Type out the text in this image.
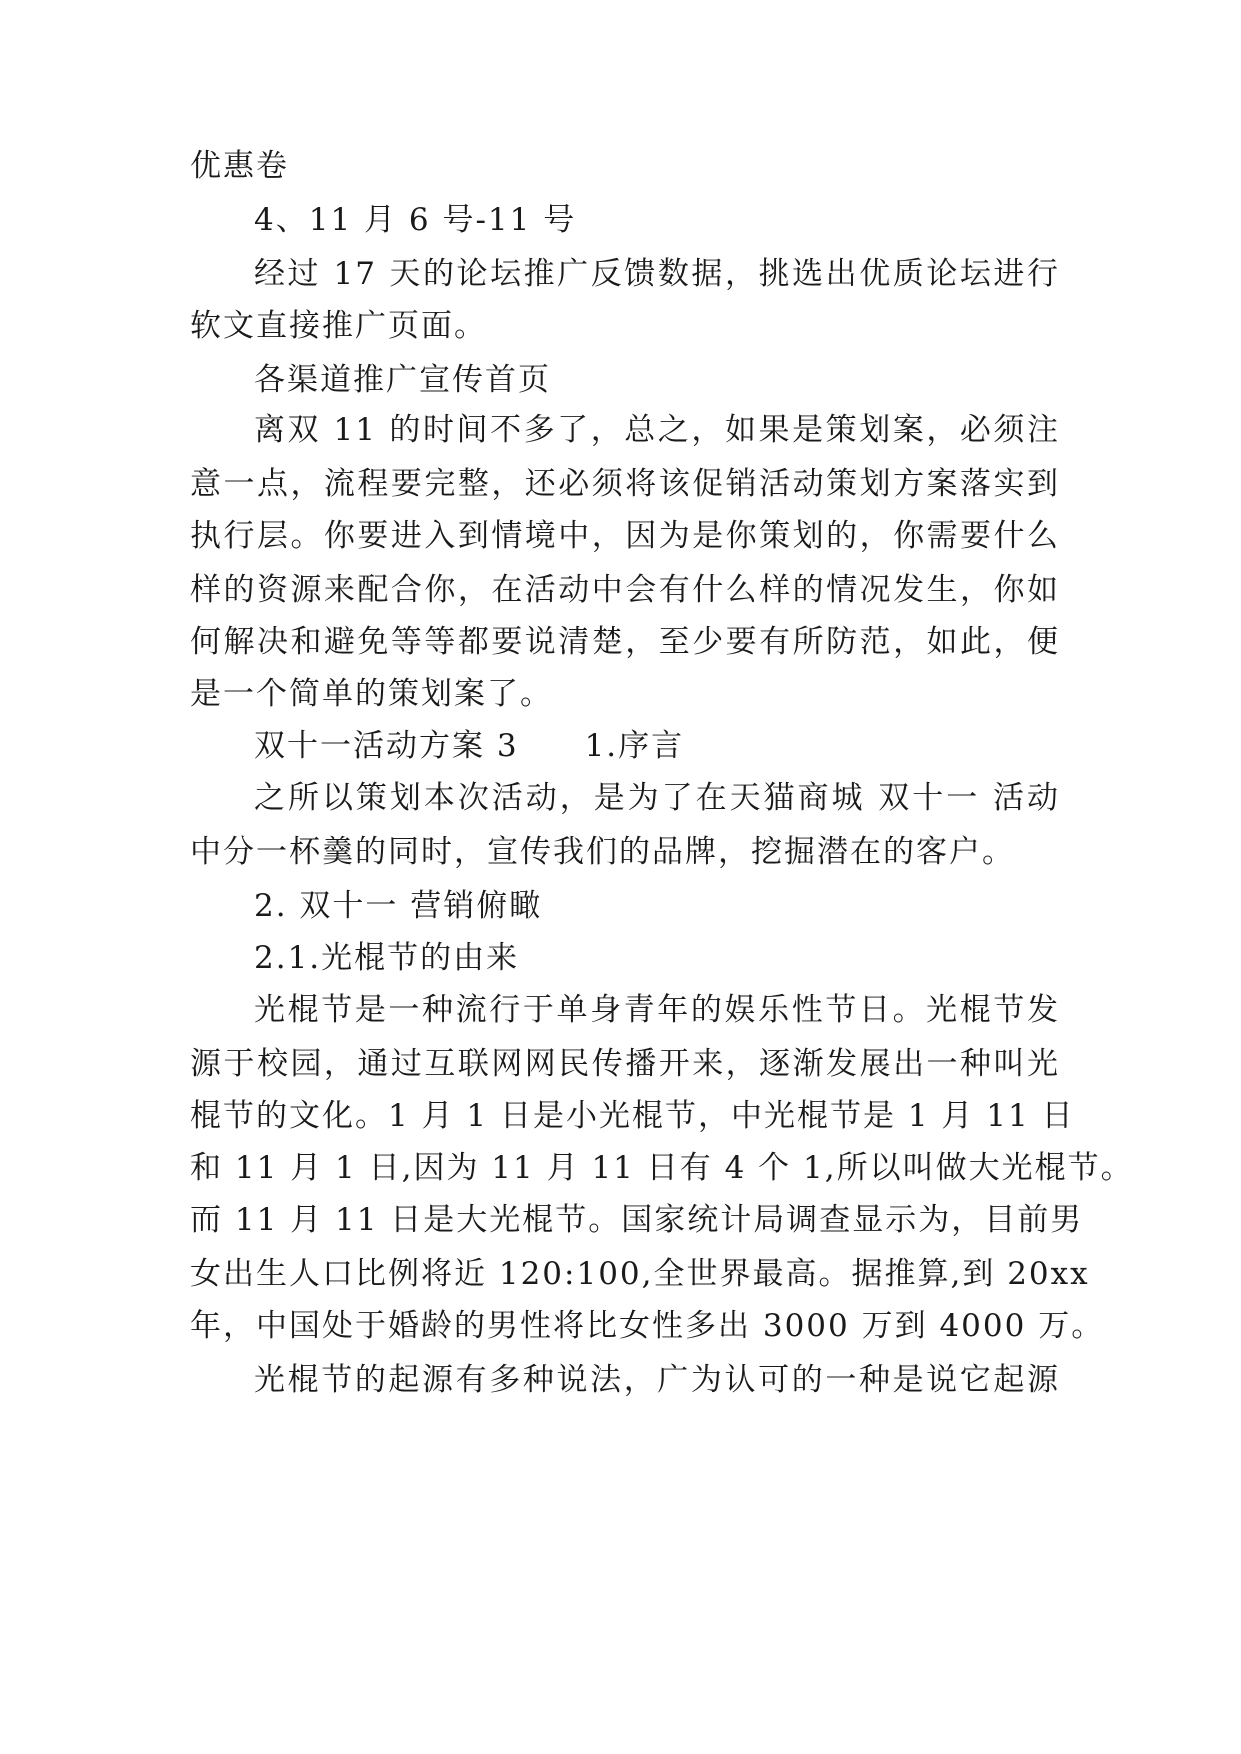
优惠卷

4、11 月 6 号-11 号

经过 17 天的论坛推广反馈数据，挑选出优质论坛进行

软文直接推广页面。

各渠道推广宣传首页

离双 11 的时间不多了，总之，如果是策划案，必须注

意一点，流程要完整，还必须将该促销活动策划方案落实到

执行层。你要进入到情境中，因为是你策划的，你需要什么

样的资源来配合你，在活动中会有什么样的情况发生，你如

何解决和避免等等都要说清楚，至少要有所防范，如此，便

是一个简单的策划案了。

双十一活动方案 3　　1.序言

之所以策划本次活动，是为了在天猫商城 双十一 活动

中分一杯羹的同时，宣传我们的品牌，挖掘潜在的客户。

2. 双十一 营销俯瞰

2.1.光棍节的由来

光棍节是一种流行于单身青年的娱乐性节日。光棍节发

源于校园，通过互联网网民传播开来，逐渐发展出一种叫光

棍节的文化。1 月 1 日是小光棍节，中光棍节是 1 月 11 日

和 11 月 1 日,因为 11 月 11 日有 4 个 1,所以叫做大光棍节。

而 11 月 11 日是大光棍节。国家统计局调查显示为，目前男

女出生人口比例将近 120:100,全世界最高。据推算,到 20xx

年，中国处于婚龄的男性将比女性多出 3000 万到 4000 万。

光棍节的起源有多种说法，广为认可的一种是说它起源
